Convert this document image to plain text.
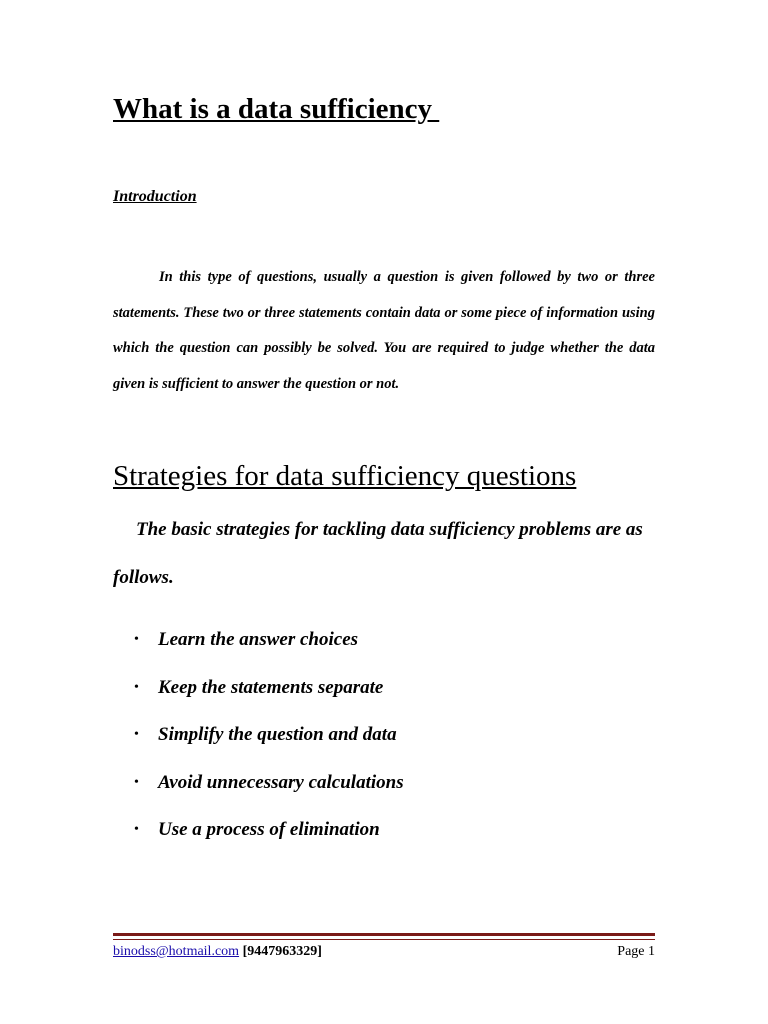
What is a data sufficiency
Introduction

In this type of questions, usually a question is given followed by two or three statements. These two or three statements contain data or some piece of information using which the question can possibly be solved. You are required to judge whether the data given is sufficient to answer the question or not.

Strategies for data sufficiency questions

The basic strategies for tackling data sufficiency problems are as follows.

• Learn the answer choices
• Keep the statements separate
• Simplify the question and data
• Avoid unnecessary calculations
• Use a process of elimination
binodss@hotmail.com [9447963329]	Page 1
